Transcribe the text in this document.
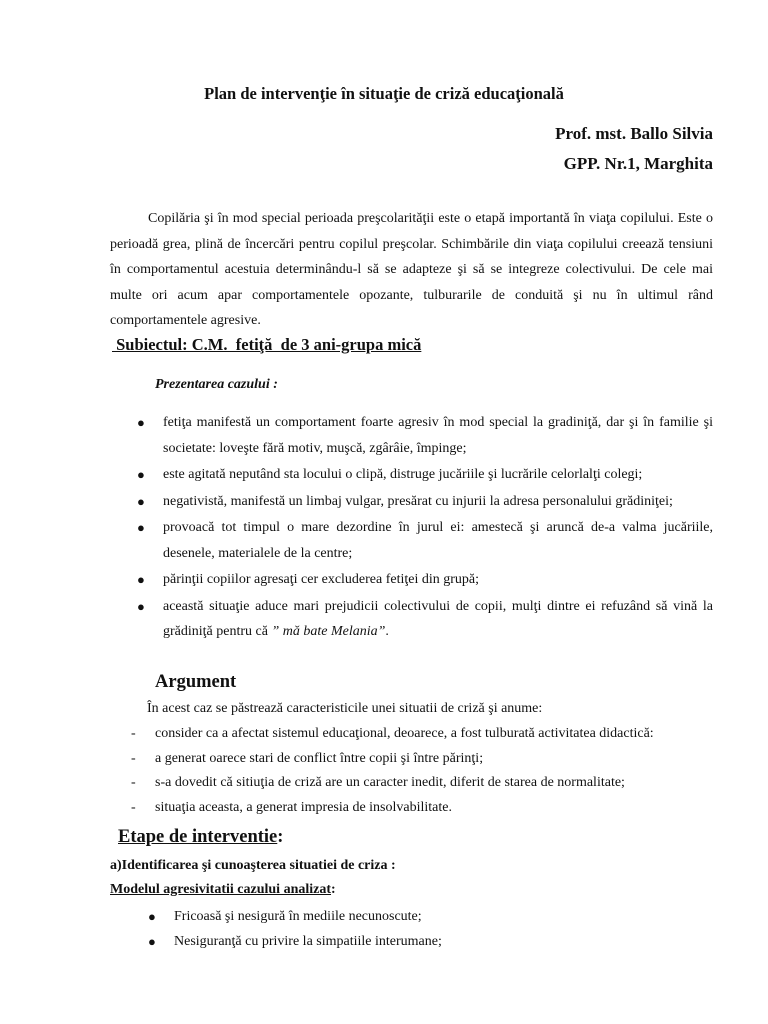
Plan de intervenţie în situaţie de criză educaţională

Prof. mst. Ballo Silvia

GPP. Nr.1, Marghita

Copilăria şi în mod special perioada preşcolarităţii este o etapă importantă în viaţa copilului. Este o perioadă grea, plină de încercări pentru copilul preşcolar. Schimbările din viaţa copilului creează tensiuni în comportamentul acestuia determinându-l să se adapteze şi să se integreze colectivului. De cele mai multe ori acum apar comportamentele opozante, tulburarile de conduită şi nu în ultimul rând comportamentele agresive.

Subiectul: C.M.  fetiţă  de 3 ani-grupa mică

Prezentarea cazului :

● fetiţa manifestă un comportament foarte agresiv în mod special la gradiniţă, dar şi în familie şi societate: loveşte fără motiv, muşcă, zgârâie, împinge;
● este agitată neputând sta locului o clipă, distruge jucăriile şi lucrările celorlalţi colegi;
● negativistă, manifestă un limbaj vulgar, presărat cu injurii la adresa personalului grădiniţei;
● provoacă tot timpul o mare dezordine în jurul ei: amestecă şi aruncă de-a valma jucăriile, desenele, materialele de la centre;
● părinţii copiilor agresaţi cer excluderea fetiţei din grupă;
● această situaţie aduce mari prejudicii colectivului de copii, mulţi dintre ei refuzând să vină la grădiniţă pentru că ” mă bate Melania”.
Argument

În acest caz se păstrează caracteristicile unei situatii de criză şi anume:

- consider ca a afectat sistemul educaţional, deoarece, a fost tulburată activitatea didactică:
- a generat oarece stari de conflict între copii şi între părinţi;
- s-a dovedit că sitiuţia de criză are un caracter inedit, diferit de starea de normalitate;
- situaţia aceasta, a generat impresia de insolvabilitate.
Etape de interventie:

a)Identificarea şi cunoaşterea situatiei de criza :

Modelul agresivitatii cazului analizat:

● Fricoasă şi nesigură în mediile necunoscute;
● Nesiguranţă cu privire la simpatiile interumane;
